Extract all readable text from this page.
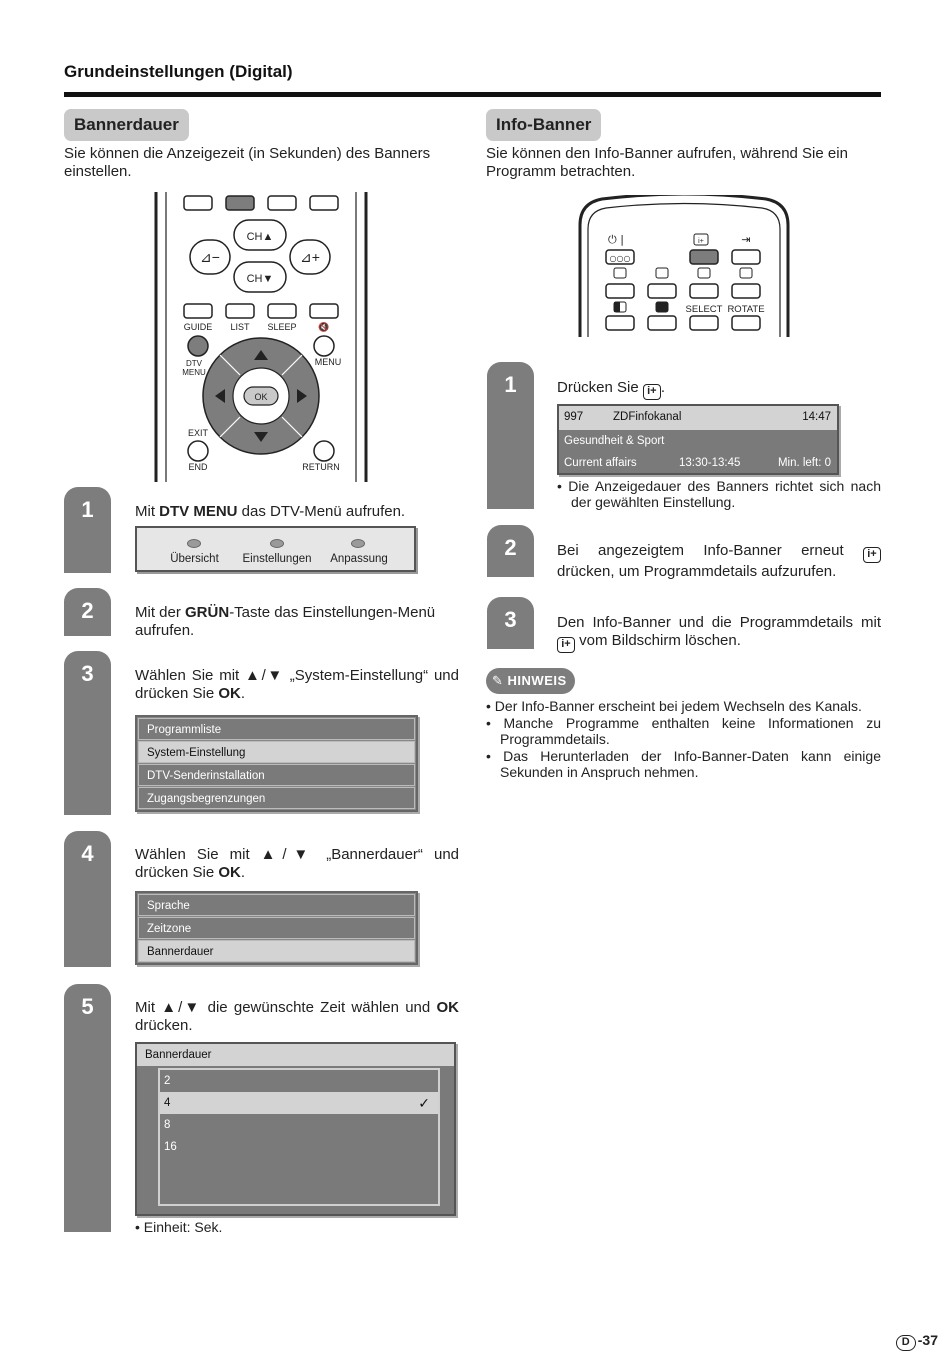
Grundeinstellungen (Digital)
Bannerdauer
Sie können die Anzeigezeit (in Sekunden) des Banners einstellen.
CH▲
CH▼
⊿−	⊿+
GUIDE LIST SLEEP 🔇
DTV
MENU
MENU
OK
EXIT
END	RETURN
1	Mit DTV MENU das DTV-Menü aufrufen.
Übersicht	Einstellungen	Anpassung
2	Mit der GRÜN-Taste das Einstellungen-Menü aufrufen.
3	Wählen Sie mit ▲/▼ „System-Einstellung“ und drücken Sie OK.
Programmliste
System-Einstellung
DTV-Senderinstallation
Zugangsbegrenzungen
4	Wählen Sie mit ▲/▼ „Bannerdauer“ und drücken Sie OK.
Sprache
Zeitzone
Bannerdauer
5	Mit ▲/▼ die gewünschte Zeit wählen und OK drücken.
Bannerdauer
2
4	✓
8
16
• Einheit: Sek.
Info-Banner
Sie können den Info-Banner aufrufen, während Sie ein Programm betrachten.
⏻ |	i+	⇥
○○○
SELECT ROTATE
1	Drücken Sie i+ .
997	ZDFinfokanal	14:47
Gesundheit & Sport
Current affairs	13:30-13:45	Min. left: 0
• Die Anzeigedauer des Banners richtet sich nach der gewählten Einstellung.
2	Bei angezeigtem Info-Banner erneut i+ drücken, um Programmdetails aufzurufen.
3	Den Info-Banner und die Programmdetails mit i+ vom Bildschirm löschen.
✎ HINWEIS
• Der Info-Banner erscheint bei jedem Wechseln des Kanals.
• Manche Programme enthalten keine Informationen zu Programmdetails.
• Das Herunterladen der Info-Banner-Daten kann einige Sekunden in Anspruch nehmen.
D -37
